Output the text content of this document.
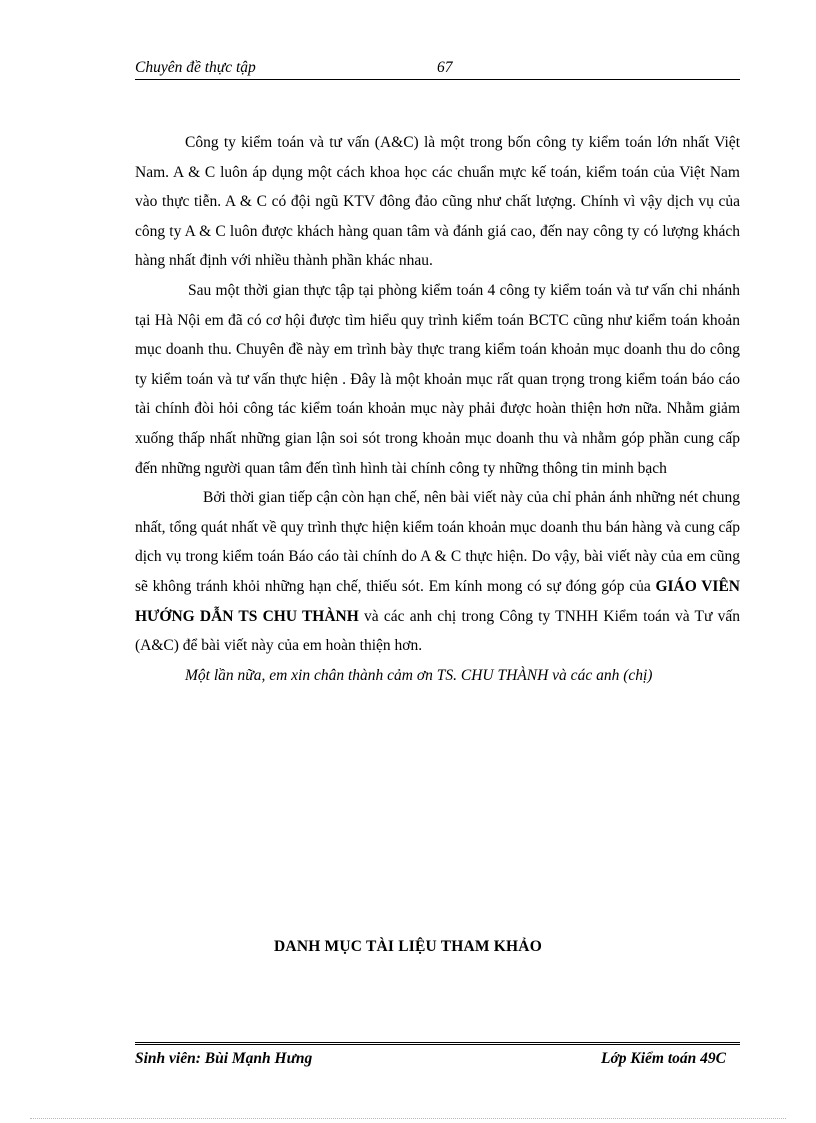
Chuyên đề thực tập	67

Công ty kiểm toán và tư vấn (A&C) là một trong bốn công ty kiểm toán lớn nhất Việt Nam. A & C luôn áp dụng một cách khoa học các chuẩn mực kế toán, kiểm toán của Việt Nam vào thực tiễn. A & C có đội ngũ KTV đông đảo cũng như chất lượng. Chính vì vậy dịch vụ của công ty A & C luôn được khách hàng quan tâm và đánh giá cao, đến nay công ty có lượng khách hàng nhất định với nhiều thành phần khác nhau.

Sau một thời gian thực tập tại phòng kiểm toán 4 công ty kiểm toán và tư vấn chi nhánh tại Hà Nội em đã có cơ hội được tìm hiểu quy trình kiểm toán BCTC cũng như kiểm toán khoản mục doanh thu. Chuyên đề này em trình bày thực trang kiểm toán khoản mục doanh thu do công ty kiểm toán và tư vấn thực hiện . Đây là một khoản mục rất quan trọng trong kiểm toán báo cáo tài chính đòi hỏi công tác kiểm toán khoản mục này phải được hoàn thiện hơn nữa. Nhằm giảm xuống thấp nhất những gian lận soi sót trong khoản mục doanh thu và nhằm góp phần cung cấp đến những người quan tâm đến tình hình tài chính công ty những thông tin minh bạch

Bởi thời gian tiếp cận còn hạn chế, nên bài viết này của chỉ phản ánh những nét chung nhất, tổng quát nhất về quy trình thực hiện kiểm toán khoản mục doanh thu bán hàng và cung cấp dịch vụ trong kiểm toán Báo cáo tài chính do A & C thực hiện. Do vậy, bài viết này của em cũng sẽ không tránh khỏi những hạn chế, thiếu sót. Em kính mong có sự đóng góp của GIÁO VIÊN HƯỚNG DẪN TS CHU THÀNH và các anh chị trong Công ty TNHH Kiểm toán và Tư vấn (A&C) để bài viết này của em hoàn thiện hơn.

Một lần nữa, em xin chân thành cảm ơn TS. CHU THÀNH và các anh (chị)

DANH MỤC TÀI LIỆU THAM KHẢO
Sinh viên: Bùi Mạnh Hưng	Lớp Kiểm toán 49C
